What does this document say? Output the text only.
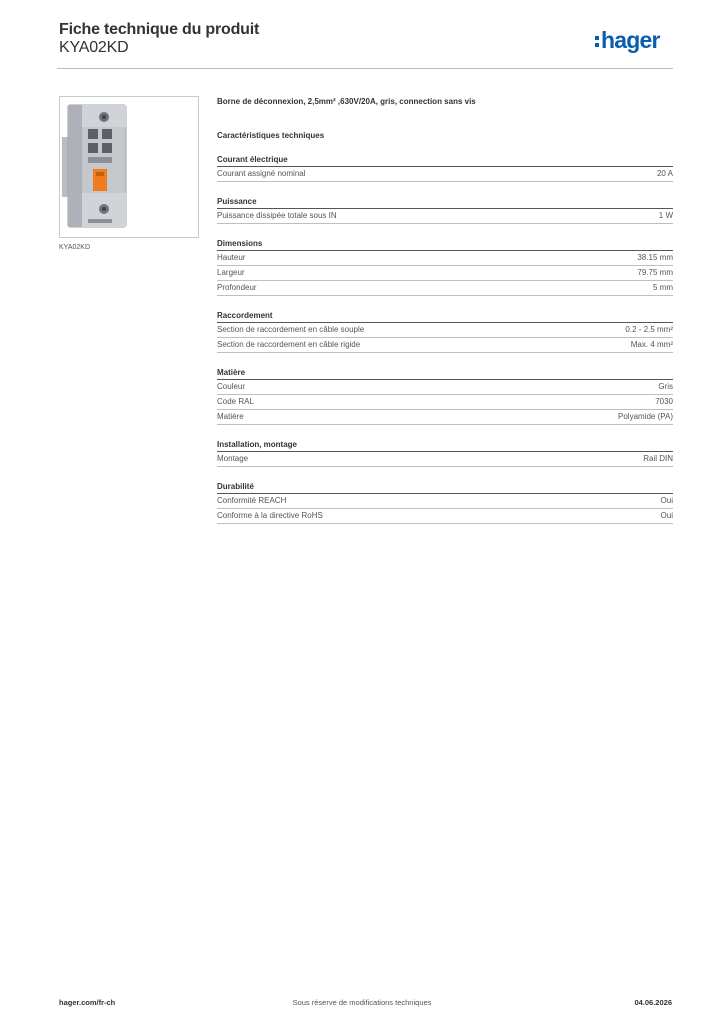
Fiche technique du produit
KYA02KD	hager
KYA02KD
Borne de déconnexion, 2,5mm² ,630V/20A, gris, connection sans vis
Caractéristiques techniques
Courant électrique
Courant assigné nominal	20 A
Puissance
Puissance dissipée totale sous IN	1 W
Dimensions
Hauteur	38.15 mm
Largeur	79.75 mm
Profondeur	5 mm
Raccordement
Section de raccordement en câble souple	0.2 - 2.5 mm²
Section de raccordement en câble rigide	Max. 4 mm²
Matière
Couleur	Gris
Code RAL	7030
Matière	Polyamide (PA)
Installation, montage
Montage	Rail DIN
Durabilité
Conformité REACH	Oui
Conforme à la directive RoHS	Oui
hager.com/fr-ch	Sous réserve de modifications techniques	04.06.2026
